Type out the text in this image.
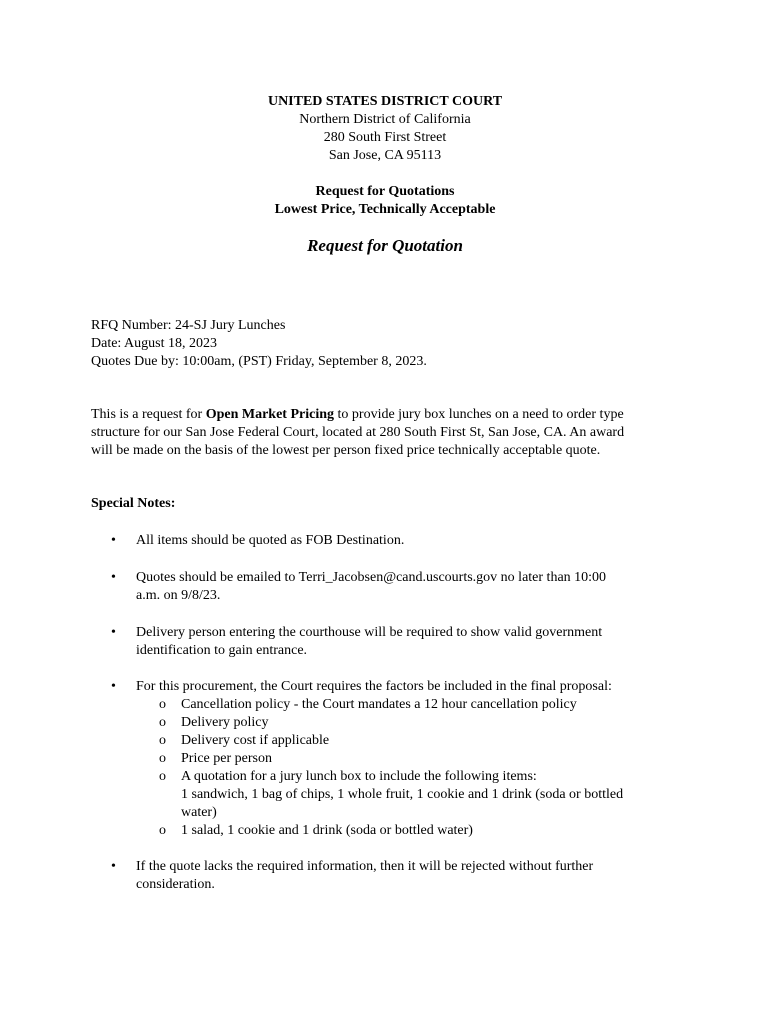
UNITED STATES DISTRICT COURT
Northern District of California
280 South First Street
San Jose, CA 95113
Request for Quotations
Lowest Price, Technically Acceptable
Request for Quotation
RFQ Number: 24-SJ Jury Lunches
Date: August 18, 2023
Quotes Due by: 10:00am, (PST) Friday, September 8, 2023.
This is a request for Open Market Pricing to provide jury box lunches on a need to order type
structure for our San Jose Federal Court, located at 280 South First St, San Jose, CA. An award
will be made on the basis of the lowest per person fixed price technically acceptable quote.
Special Notes:
• All items should be quoted as FOB Destination.
• Quotes should be emailed to Terri_Jacobsen@cand.uscourts.gov no later than 10:00
a.m. on 9/8/23.
• Delivery person entering the courthouse will be required to show valid government
identification to gain entrance.
• For this procurement, the Court requires the factors be included in the final proposal:
o Cancellation policy - the Court mandates a 12 hour cancellation policy
o Delivery policy
o Delivery cost if applicable
o Price per person
o A quotation for a jury lunch box to include the following items:
1 sandwich, 1 bag of chips, 1 whole fruit, 1 cookie and 1 drink (soda or bottled
water)
o 1 salad, 1 cookie and 1 drink (soda or bottled water)
• If the quote lacks the required information, then it will be rejected without further
consideration.
